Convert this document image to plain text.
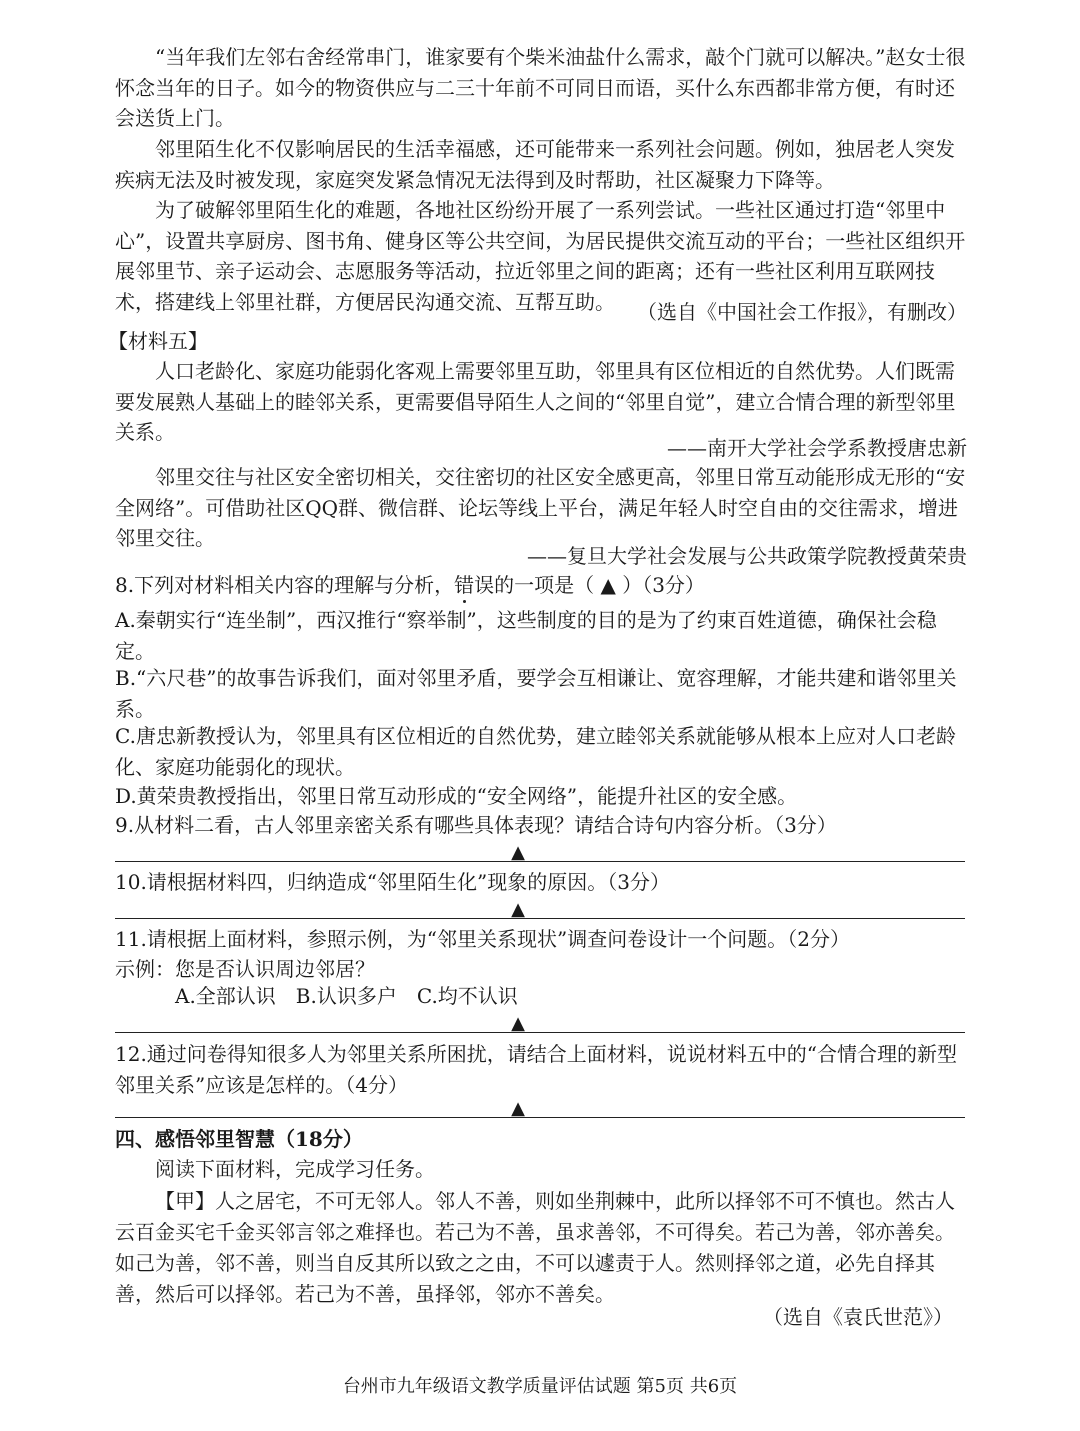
“当年我们左邻右舍经常串门，谁家要有个柴米油盐什么需求，敲个门就可以解决。”赵女士很怀念当年的日子。如今的物资供应与二三十年前不可同日而语，买什么东西都非常方便，有时还会送货上门。

邻里陌生化不仅影响居民的生活幸福感，还可能带来一系列社会问题。例如，独居老人突发疾病无法及时被发现，家庭突发紧急情况无法得到及时帮助，社区凝聚力下降等。

为了破解邻里陌生化的难题，各地社区纷纷开展了一系列尝试。一些社区通过打造“邻里中心”，设置共享厨房、图书角、健身区等公共空间，为居民提供交流互动的平台；一些社区组织开展邻里节、亲子运动会、志愿服务等活动，拉近邻里之间的距离；还有一些社区利用互联网技术，搭建线上邻里社群，方便居民沟通交流、互帮互助。	（选自《中国社会工作报》，有删改）

【材料五】

人口老龄化、家庭功能弱化客观上需要邻里互助，邻里具有区位相近的自然优势。人们既需要发展熟人基础上的睦邻关系，更需要倡导陌生人之间的“邻里自觉”，建立合情合理的新型邻里关系。

——南开大学社会学系教授唐忠新

邻里交往与社区安全密切相关，交往密切的社区安全感更高，邻里日常互动能形成无形的“安全网络”。可借助社区QQ群、微信群、论坛等线上平台，满足年轻人时空自由的交往需求，增进邻里交往。

——复旦大学社会发展与公共政策学院教授黄荣贵

8.下列对材料相关内容的理解与分析，错误的一项是（ ▲ ）（3分）

A.秦朝实行“连坐制”，西汉推行“察举制”，这些制度的目的是为了约束百姓道德，确保社会稳定。

B.“六尺巷”的故事告诉我们，面对邻里矛盾，要学会互相谦让、宽容理解，才能共建和谐邻里关系。

C.唐忠新教授认为，邻里具有区位相近的自然优势，建立睦邻关系就能够从根本上应对人口老龄化、家庭功能弱化的现状。

D.黄荣贵教授指出，邻里日常互动形成的“安全网络”，能提升社区的安全感。

9.从材料二看，古人邻里亲密关系有哪些具体表现？请结合诗句内容分析。（3分）

▲

10.请根据材料四，归纳造成“邻里陌生化”现象的原因。（3分）

▲

11.请根据上面材料，参照示例，为“邻里关系现状”调查问卷设计一个问题。（2分）

示例：您是否认识周边邻居？

A.全部认识　B.认识多户　C.均不认识

▲

12.通过问卷得知很多人为邻里关系所困扰，请结合上面材料，说说材料五中的“合情合理的新型邻里关系”应该是怎样的。（4分）

▲

四、感悟邻里智慧（18分）

阅读下面材料，完成学习任务。

【甲】人之居宅，不可无邻人。邻人不善，则如坐荆棘中，此所以择邻不可不慎也。然古人云百金买宅千金买邻言邻之难择也。若己为不善，虽求善邻，不可得矣。若己为善，邻亦善矣。如己为善，邻不善，则当自反其所以致之之由，不可以遽责于人。然则择邻之道，必先自择其善，然后可以择邻。若己为不善，虽择邻，邻亦不善矣。

（选自《袁氏世范》）

台州市九年级语文教学质量评估试题 第5页 共6页
